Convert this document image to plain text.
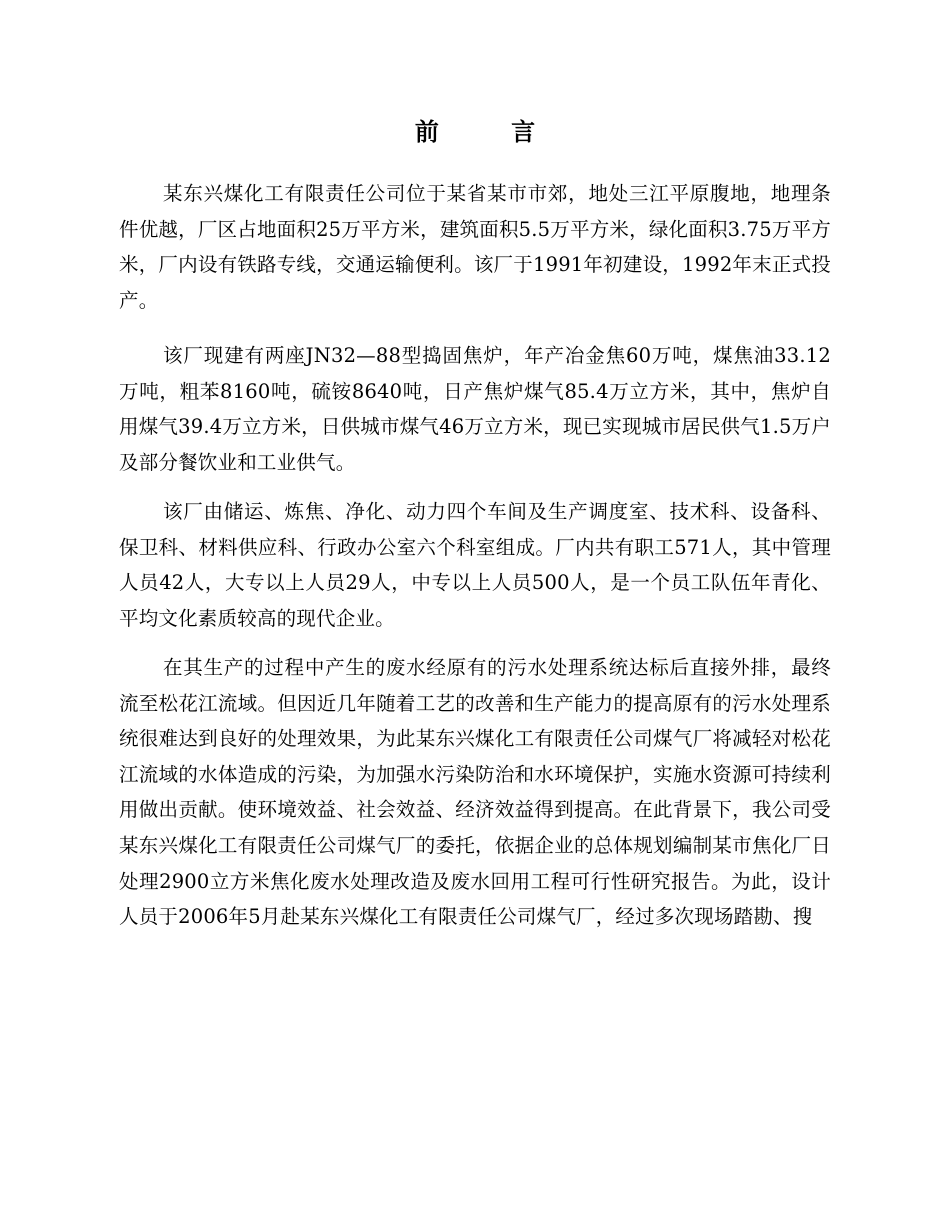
前 言

某东兴煤化工有限责任公司位于某省某市市郊，地处三江平原腹地，地理条件优越，厂区占地面积25万平方米，建筑面积5.5万平方米，绿化面积3.75万平方米，厂内设有铁路专线，交通运输便利。该厂于1991年初建设，1992年末正式投产。

该厂现建有两座JN32—88型捣固焦炉，年产冶金焦60万吨，煤焦油33.12万吨，粗苯8160吨，硫铵8640吨，日产焦炉煤气85.4万立方米，其中，焦炉自用煤气39.4万立方米，日供城市煤气46万立方米，现已实现城市居民供气1.5万户及部分餐饮业和工业供气。

该厂由储运、炼焦、净化、动力四个车间及生产调度室、技术科、设备科、保卫科、材料供应科、行政办公室六个科室组成。厂内共有职工571人，其中管理人员42人，大专以上人员29人，中专以上人员500人，是一个员工队伍年青化、平均文化素质较高的现代企业。

在其生产的过程中产生的废水经原有的污水处理系统达标后直接外排，最终流至松花江流域。但因近几年随着工艺的改善和生产能力的提高原有的污水处理系统很难达到良好的处理效果，为此某东兴煤化工有限责任公司煤气厂将减轻对松花江流域的水体造成的污染，为加强水污染防治和水环境保护，实施水资源可持续利用做出贡献。使环境效益、社会效益、经济效益得到提高。在此背景下，我公司受某东兴煤化工有限责任公司煤气厂的委托，依据企业的总体规划编制某市焦化厂日处理2900立方米焦化废水处理改造及废水回用工程可行性研究报告。为此，设计人员于2006年5月赴某东兴煤化工有限责任公司煤气厂，经过多次现场踏勘、搜
